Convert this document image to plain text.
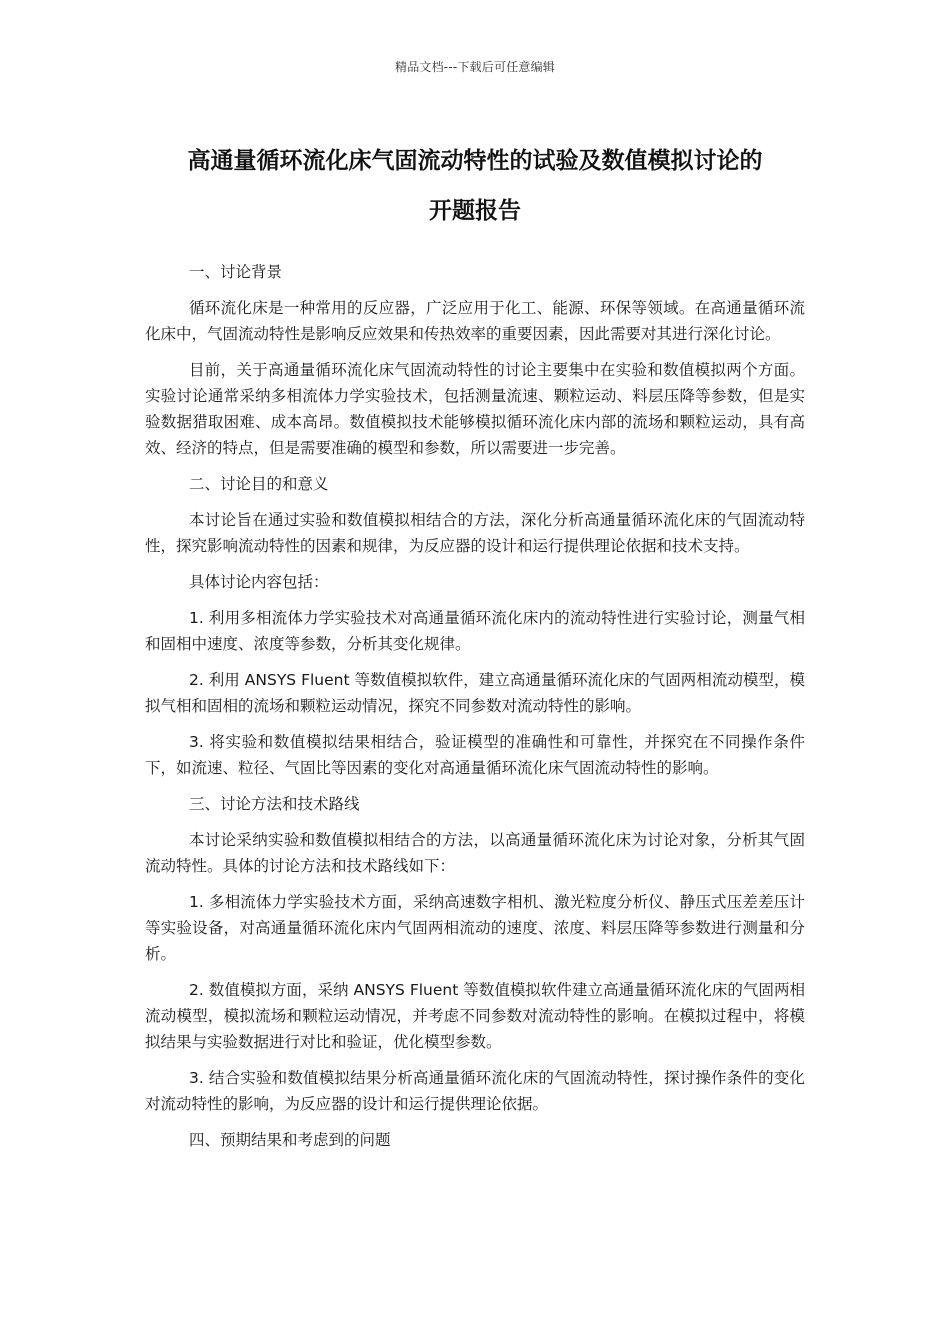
精品文档---下载后可任意编辑
高通量循环流化床气固流动特性的试验及数值模拟讨论的
开题报告

一、讨论背景

循环流化床是一种常用的反应器，广泛应用于化工、能源、环保等领域。在高通量循环流化床中，气固流动特性是影响反应效果和传热效率的重要因素，因此需要对其进行深化讨论。

目前，关于高通量循环流化床气固流动特性的讨论主要集中在实验和数值模拟两个方面。实验讨论通常采纳多相流体力学实验技术，包括测量流速、颗粒运动、料层压降等参数，但是实验数据猎取困难、成本高昂。数值模拟技术能够模拟循环流化床内部的流场和颗粒运动，具有高效、经济的特点，但是需要准确的模型和参数，所以需要进一步完善。

二、讨论目的和意义

本讨论旨在通过实验和数值模拟相结合的方法，深化分析高通量循环流化床的气固流动特性，探究影响流动特性的因素和规律，为反应器的设计和运行提供理论依据和技术支持。

具体讨论内容包括：

1. 利用多相流体力学实验技术对高通量循环流化床内的流动特性进行实验讨论，测量气相和固相中速度、浓度等参数，分析其变化规律。

2. 利用 ANSYS Fluent 等数值模拟软件，建立高通量循环流化床的气固两相流动模型，模拟气相和固相的流场和颗粒运动情况，探究不同参数对流动特性的影响。

3. 将实验和数值模拟结果相结合，验证模型的准确性和可靠性，并探究在不同操作条件下，如流速、粒径、气固比等因素的变化对高通量循环流化床气固流动特性的影响。

三、讨论方法和技术路线

本讨论采纳实验和数值模拟相结合的方法，以高通量循环流化床为讨论对象，分析其气固流动特性。具体的讨论方法和技术路线如下：

1. 多相流体力学实验技术方面，采纳高速数字相机、激光粒度分析仪、静压式压差差压计等实验设备，对高通量循环流化床内气固两相流动的速度、浓度、料层压降等参数进行测量和分析。

2. 数值模拟方面，采纳 ANSYS Fluent 等数值模拟软件建立高通量循环流化床的气固两相流动模型，模拟流场和颗粒运动情况，并考虑不同参数对流动特性的影响。在模拟过程中，将模拟结果与实验数据进行对比和验证，优化模型参数。

3. 结合实验和数值模拟结果分析高通量循环流化床的气固流动特性，探讨操作条件的变化对流动特性的影响，为反应器的设计和运行提供理论依据。

四、预期结果和考虑到的问题
